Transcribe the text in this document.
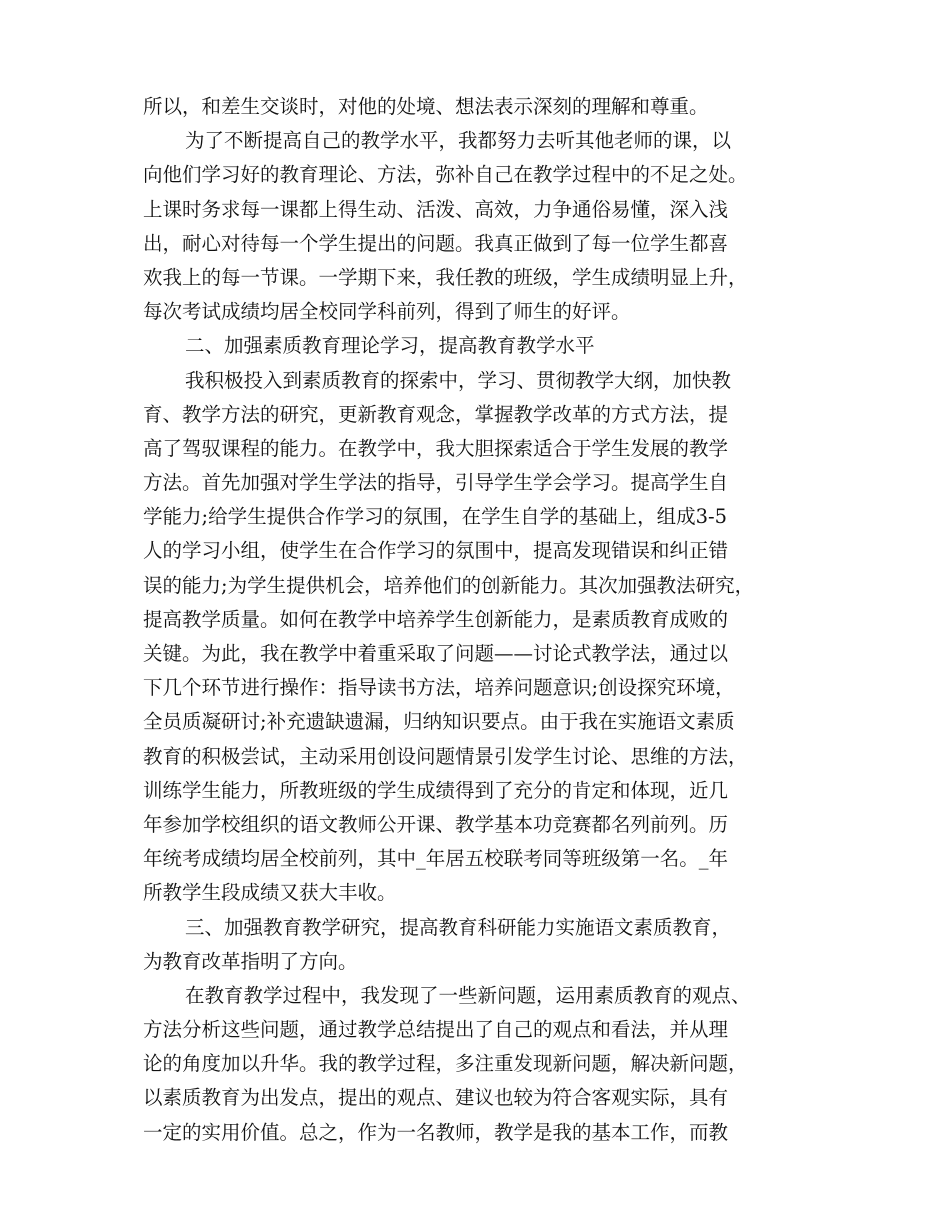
所以，和差生交谈时，对他的处境、想法表示深刻的理解和尊重。
为了不断提高自己的教学水平，我都努力去听其他老师的课，以
向他们学习好的教育理论、方法，弥补自己在教学过程中的不足之处。
上课时务求每一课都上得生动、活泼、高效，力争通俗易懂，深入浅
出，耐心对待每一个学生提出的问题。我真正做到了每一位学生都喜
欢我上的每一节课。一学期下来，我任教的班级，学生成绩明显上升，
每次考试成绩均居全校同学科前列，得到了师生的好评。
二、加强素质教育理论学习，提高教育教学水平
我积极投入到素质教育的探索中，学习、贯彻教学大纲，加快教
育、教学方法的研究，更新教育观念，掌握教学改革的方式方法，提
高了驾驭课程的能力。在教学中，我大胆探索适合于学生发展的教学
方法。首先加强对学生学法的指导，引导学生学会学习。提高学生自
学能力;给学生提供合作学习的氛围，在学生自学的基础上，组成3-5
人的学习小组，使学生在合作学习的氛围中，提高发现错误和纠正错
误的能力;为学生提供机会，培养他们的创新能力。其次加强教法研究，
提高教学质量。如何在教学中培养学生创新能力，是素质教育成败的
关键。为此，我在教学中着重采取了问题——讨论式教学法，通过以
下几个环节进行操作：指导读书方法，培养问题意识;创设探究环境，
全员质凝研讨;补充遗缺遗漏，归纳知识要点。由于我在实施语文素质
教育的积极尝试，主动采用创设问题情景引发学生讨论、思维的方法，
训练学生能力，所教班级的学生成绩得到了充分的肯定和体现，近几
年参加学校组织的语文教师公开课、教学基本功竞赛都名列前列。历
年统考成绩均居全校前列，其中_年居五校联考同等班级第一名。_年
所教学生段成绩又获大丰收。
三、加强教育教学研究，提高教育科研能力实施语文素质教育，
为教育改革指明了方向。
在教育教学过程中，我发现了一些新问题，运用素质教育的观点、
方法分析这些问题，通过教学总结提出了自己的观点和看法，并从理
论的角度加以升华。我的教学过程，多注重发现新问题，解决新问题，
以素质教育为出发点，提出的观点、建议也较为符合客观实际，具有
一定的实用价值。总之，作为一名教师，教学是我的基本工作，而教
